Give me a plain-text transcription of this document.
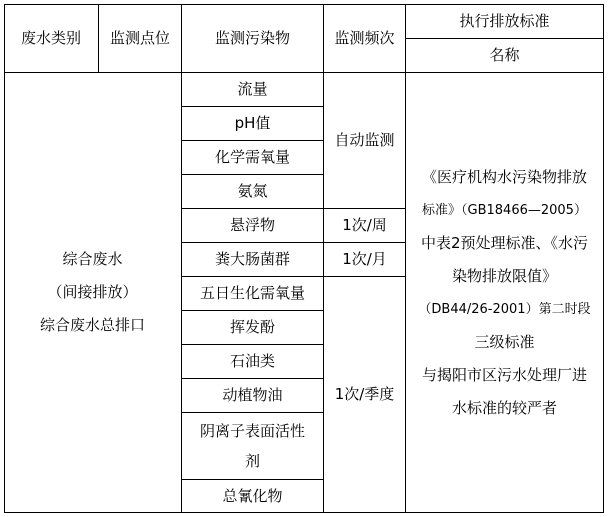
废水类别 监测点位	监测污染物	监测频次
执行排放标准
名称
综合废水
（间接排放）
综合废水总排口
流量
pH值
化学需氧量
氨氮
悬浮物
粪大肠菌群
五日生化需氧量
挥发酚
石油类
动植物油
阴离子表面活性
剂
总氰化物
自动监测
1次/周
1次/月
1次/季度
《医疗机构水污染物排放
标准》（GB18466—2005）
中表2预处理标准、《水污
染物排放限值》
（DB44/26-2001）第二时段
三级标准
与揭阳市区污水处理厂进
水标准的较严者
